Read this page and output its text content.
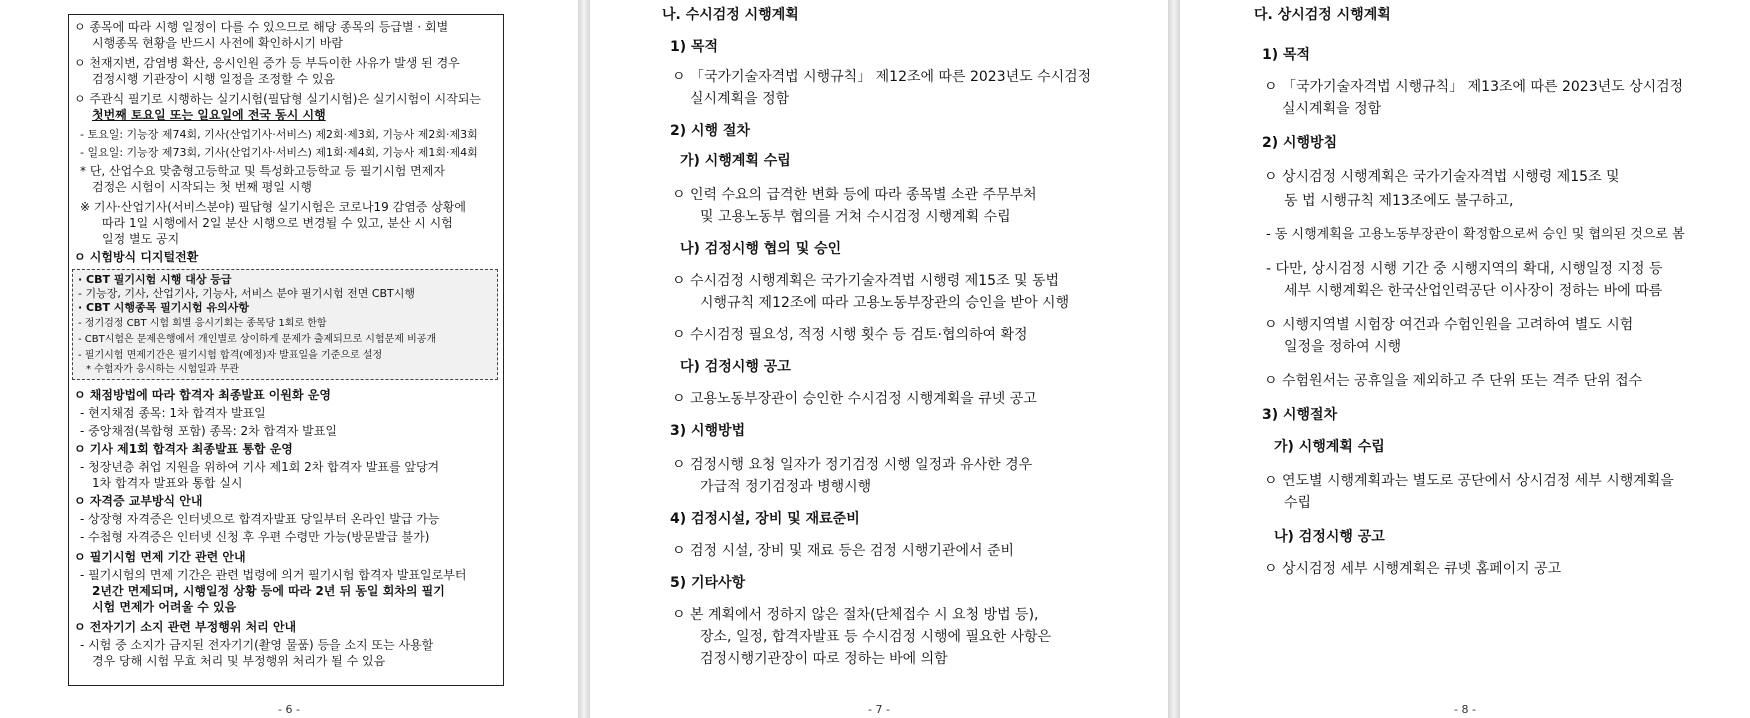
ㅇ 종목에 따라 시행 일정이 다를 수 있으므로 해당 종목의 등급별 · 회별
시행종목 현황을 반드시 사전에 확인하시기 바람
ㅇ 천재지변, 감염병 확산, 응시인원 증가 등 부득이한 사유가 발생 된 경우
검정시행 기관장이 시행 일정을 조정할 수 있음
ㅇ 주관식 필기로 시행하는 실기시험(필답형 실기시험)은 실기시험이 시작되는
첫번째 토요일 또는 일요일에 전국 동시 시행
- 토요일: 기능장 제74회, 기사(산업기사·서비스) 제2회·제3회, 기능사 제2회·제3회
- 일요일: 기능장 제73회, 기사(산업기사·서비스) 제1회·제4회, 기능사 제1회·제4회
* 단, 산업수요 맞춤형고등학교 및 특성화고등학교 등 필기시험 면제자
검정은 시험이 시작되는 첫 번째 평일 시행
※ 기사·산업기사(서비스분야) 필답형 실기시험은 코로나19 감염증 상황에
따라 1일 시행에서 2일 분산 시행으로 변경될 수 있고, 분산 시 시험
일정 별도 공지
ㅇ 시험방식 디지털전환
· CBT 필기시험 시행 대상 등급
- 기능장, 기사, 산업기사, 기능사, 서비스 분야 필기시험 전면 CBT시행
· CBT 시행종목 필기시험 유의사항
- 정기검정 CBT 시험 회별 응시기회는 종목당 1회로 한함
- CBT시험은 문제은행에서 개인별로 상이하게 문제가 출제되므로 시험문제 비공개
- 필기시험 면제기간은 필기시험 합격(예정)자 발표일을 기준으로 설정
* 수험자가 응시하는 시험일과 무관
ㅇ 채점방법에 따라 합격자 최종발표 이원화 운영
- 현지채점 종목: 1차 합격자 발표일
- 중앙채점(복합형 포함) 종목: 2차 합격자 발표일
ㅇ 기사 제1회 합격자 최종발표 통합 운영
- 청장년층 취업 지원을 위하여 기사 제1회 2차 합격자 발표를 앞당겨
1차 합격자 발표와 통합 실시
ㅇ 자격증 교부방식 안내
- 상장형 자격증은 인터넷으로 합격자발표 당일부터 온라인 발급 가능
- 수첩형 자격증은 인터넷 신청 후 우편 수령만 가능(방문발급 불가)
ㅇ 필기시험 면제 기간 관련 안내
- 필기시험의 면제 기간은 관련 법령에 의거 필기시험 합격자 발표일로부터
2년간 면제되며, 시행일정 상황 등에 따라 2년 뒤 동일 회차의 필기
시험 면제가 어려울 수 있음
ㅇ 전자기기 소지 관련 부정행위 처리 안내
- 시험 중 소지가 금지된 전자기기(촬영 물품) 등을 소지 또는 사용할
경우 당해 시험 무효 처리 및 부정행위 처리가 될 수 있음
- 6 -
나. 수시검정 시행계획
1) 목적
ㅇ 「국가기술자격법 시행규칙」 제12조에 따른 2023년도 수시검정
실시계획을 정함
2) 시행 절차
가) 시행계획 수립
ㅇ 인력 수요의 급격한 변화 등에 따라 종목별 소관 주무부처
및 고용노동부 협의를 거쳐 수시검정 시행계획 수립
나) 검정시행 협의 및 승인
ㅇ 수시검정 시행계획은 국가기술자격법 시행령 제15조 및 동법
시행규칙 제12조에 따라 고용노동부장관의 승인을 받아 시행
ㅇ 수시검정 필요성, 적정 시행 횟수 등 검토·협의하여 확정
다) 검정시행 공고
ㅇ 고용노동부장관이 승인한 수시검정 시행계획을 큐넷 공고
3) 시행방법
ㅇ 검정시행 요청 일자가 정기검정 시행 일정과 유사한 경우
가급적 정기검정과 병행시행
4) 검정시설, 장비 및 재료준비
ㅇ 검정 시설, 장비 및 재료 등은 검정 시행기관에서 준비
5) 기타사항
ㅇ 본 계획에서 정하지 않은 절차(단체접수 시 요청 방법 등),
장소, 일정, 합격자발표 등 수시검정 시행에 필요한 사항은
검정시행기관장이 따로 정하는 바에 의함
- 7 -
다. 상시검정 시행계획
1) 목적
ㅇ 「국가기술자격법 시행규칙」 제13조에 따른 2023년도 상시검정
실시계획을 정함
2) 시행방침
ㅇ 상시검정 시행계획은 국가기술자격법 시행령 제15조 및
동 법 시행규칙 제13조에도 불구하고,
- 동 시행계획을 고용노동부장관이 확정함으로써 승인 및 협의된 것으로 봄
- 다만, 상시검정 시행 기간 중 시행지역의 확대, 시행일정 지정 등
세부 시행계획은 한국산업인력공단 이사장이 정하는 바에 따름
ㅇ 시행지역별 시험장 여건과 수험인원을 고려하여 별도 시험
일정을 정하여 시행
ㅇ 수험원서는 공휴일을 제외하고 주 단위 또는 격주 단위 접수
3) 시행절차
가) 시행계획 수립
ㅇ 연도별 시행계획과는 별도로 공단에서 상시검정 세부 시행계획을
수립
나) 검정시행 공고
ㅇ 상시검정 세부 시행계획은 큐넷 홈페이지 공고
- 8 -
